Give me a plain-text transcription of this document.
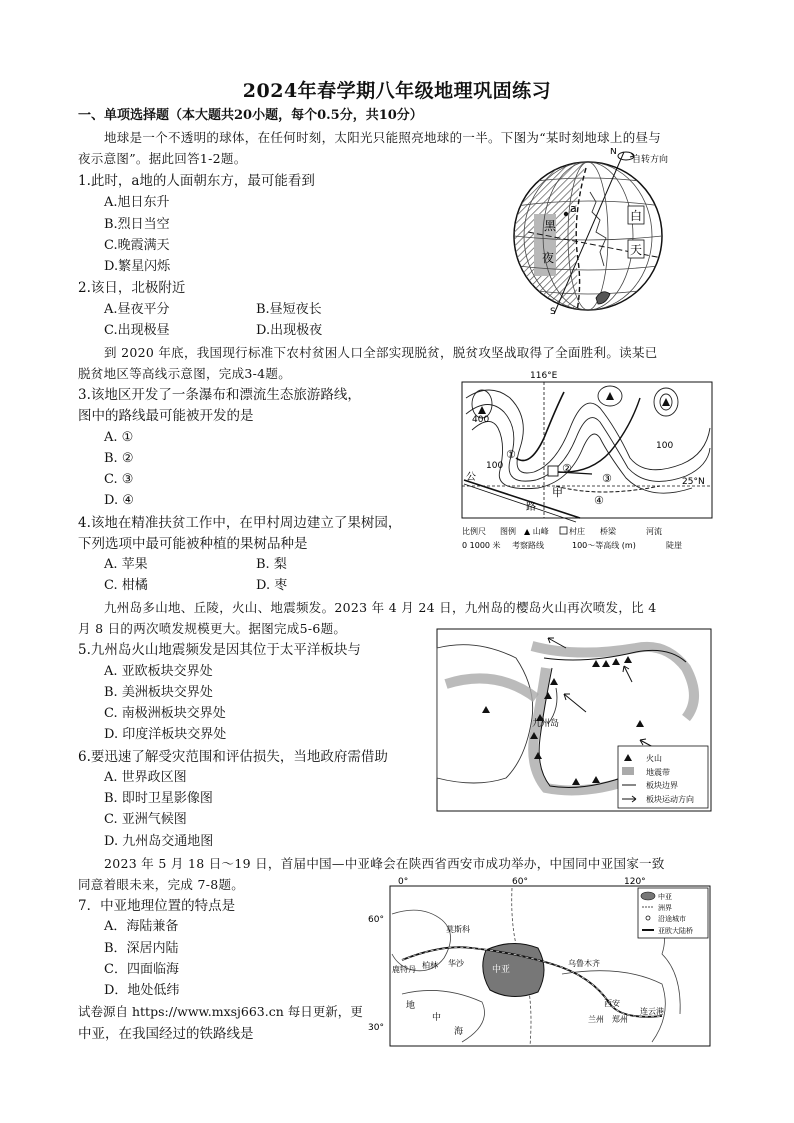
2024年春学期八年级地理巩固练习
一、单项选择题（本大题共20小题，每个0.5分，共10分）
地球是一个不透明的球体，在任何时刻，太阳光只能照亮地球的一半。下图为“某时刻地球上的昼与
夜示意图”。据此回答1-2题。
1.此时，a地的人面朝东方，最可能看到
A.旭日东升
B.烈日当空
C.晚霞满天
D.繁星闪烁
2.该日，北极附近
A.昼夜平分	B.昼短夜长
C.出现极昼	D.出现极夜
到 2020 年底，我国现行标准下农村贫困人口全部实现脱贫，脱贫攻坚战取得了全面胜利。读某已
脱贫地区等高线示意图，完成3-4题。
3.该地区开发了一条瀑布和漂流生态旅游路线，
图中的路线最可能被开发的是
A. ①
B. ②
C. ③
D. ④
4.该地在精准扶贫工作中，在甲村周边建立了果树园，
下列选项中最可能被种植的果树品种是
A. 苹果	B. 梨
C. 柑橘	D. 枣
九州岛多山地、丘陵，火山、地震频发。2023 年 4 月 24 日，九州岛的樱岛火山再次喷发，比 4
月 8 日的两次喷发规模更大。据图完成5-6题。
5.九州岛火山地震频发是因其位于太平洋板块与
A. 亚欧板块交界处
B. 美洲板块交界处
C. 南极洲板块交界处
D. 印度洋板块交界处
6.要迅速了解受灾范围和评估损失，当地政府需借助
A. 世界政区图
B. 即时卫星影像图
C. 亚洲气候图
D. 九州岛交通地图
2023 年 5 月 18 日～19 日，首届中国—中亚峰会在陕西省西安市成功举办，中国同中亚国家一致
同意着眼未来，完成 7-8题。
7．中亚地理位置的特点是
A．海陆兼备
B．深居内陆
C．四面临海
D．地处低纬
试卷源自 https://www.mxsj663.cn 每日更新，更
中亚，在我国经过的铁路线是
a
自转方向
N
S
黑
夜
白
天
116°E
25°N
400
100
100
①
②
③
④
甲
公
路
比例尺 图例 ▲ 山峰	村庄 桥梁	河流
0 1000 米 考察路线	100～等高线 (m)	陡崖
九州岛
火山
地震带
板块边界
板块运动方向
0°	60°	120°
60°
30°
莫斯科
鹿特丹 柏林 华沙	乌鲁木齐
西安
兰州 郑州
连云港
地
中
海
中亚
中亚
洲界
沿途城市
亚欧大陆桥
